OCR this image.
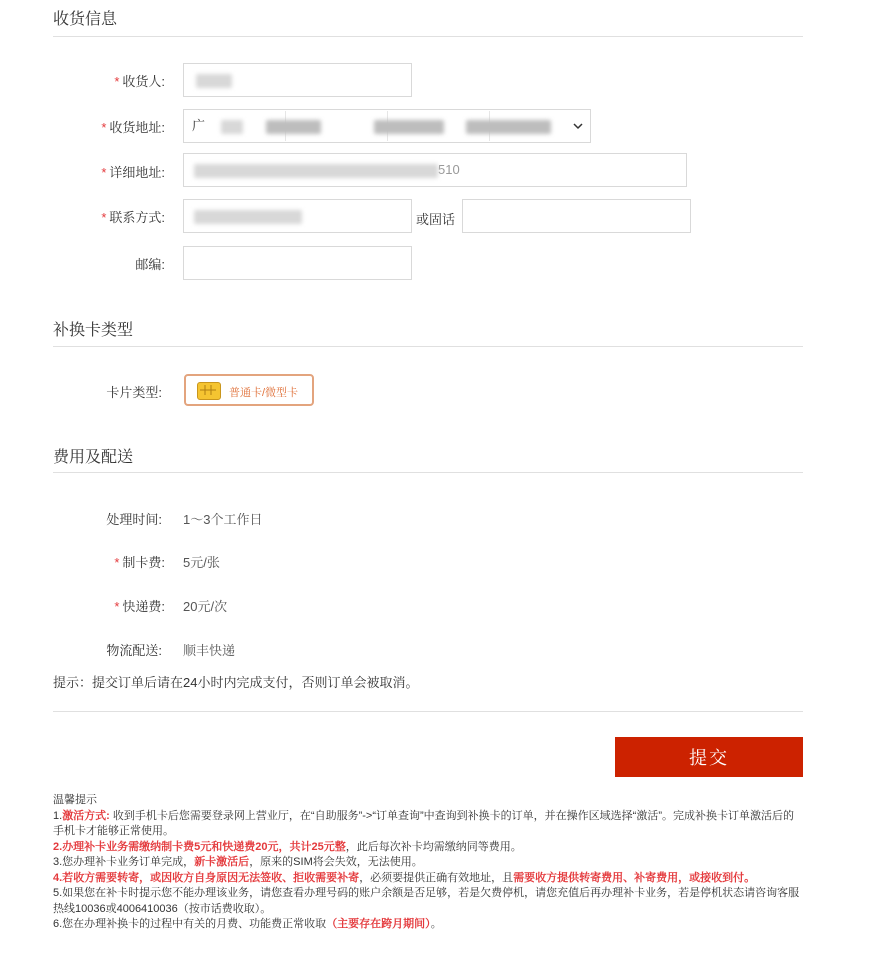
收货信息
* 收货人:
* 收货地址:	广
* 详细地址:	510
* 联系方式:	或固话
邮编:
补换卡类型
卡片类型:	普通卡/微型卡
费用及配送
处理时间: 1～3个工作日
* 制卡费: 5元/张
* 快递费: 20元/次
物流配送: 顺丰快递
提示：提交订单后请在24小时内完成支付，否则订单会被取消。
提交

温馨提示

1.激活方式: 收到手机卡后您需要登录网上营业厅，在“自助服务”->“订单查询”中查询到补换卡的订单，并在操作区域选择“激活”。完成补换卡订单激活后的手机卡才能够正常使用。

2.办理补卡业务需缴纳制卡费5元和快递费20元，共计25元整，此后每次补卡均需缴纳同等费用。

3.您办理补卡业务订单完成，新卡激活后，原来的SIM将会失效，无法使用。

4.若收方需要转寄，或因收方自身原因无法签收、拒收需要补寄，必须要提供正确有效地址，且需要收方提供转寄费用、补寄费用，或接收到付。

5.如果您在补卡时提示您不能办理该业务，请您查看办理号码的账户余额是否足够，若是欠费停机，请您充值后再办理补卡业务，若是停机状态请咨询客服热线10036或4006410036（按市话费收取）。

6.您在办理补换卡的过程中有关的月费、功能费正常收取（主要存在跨月期间）。
